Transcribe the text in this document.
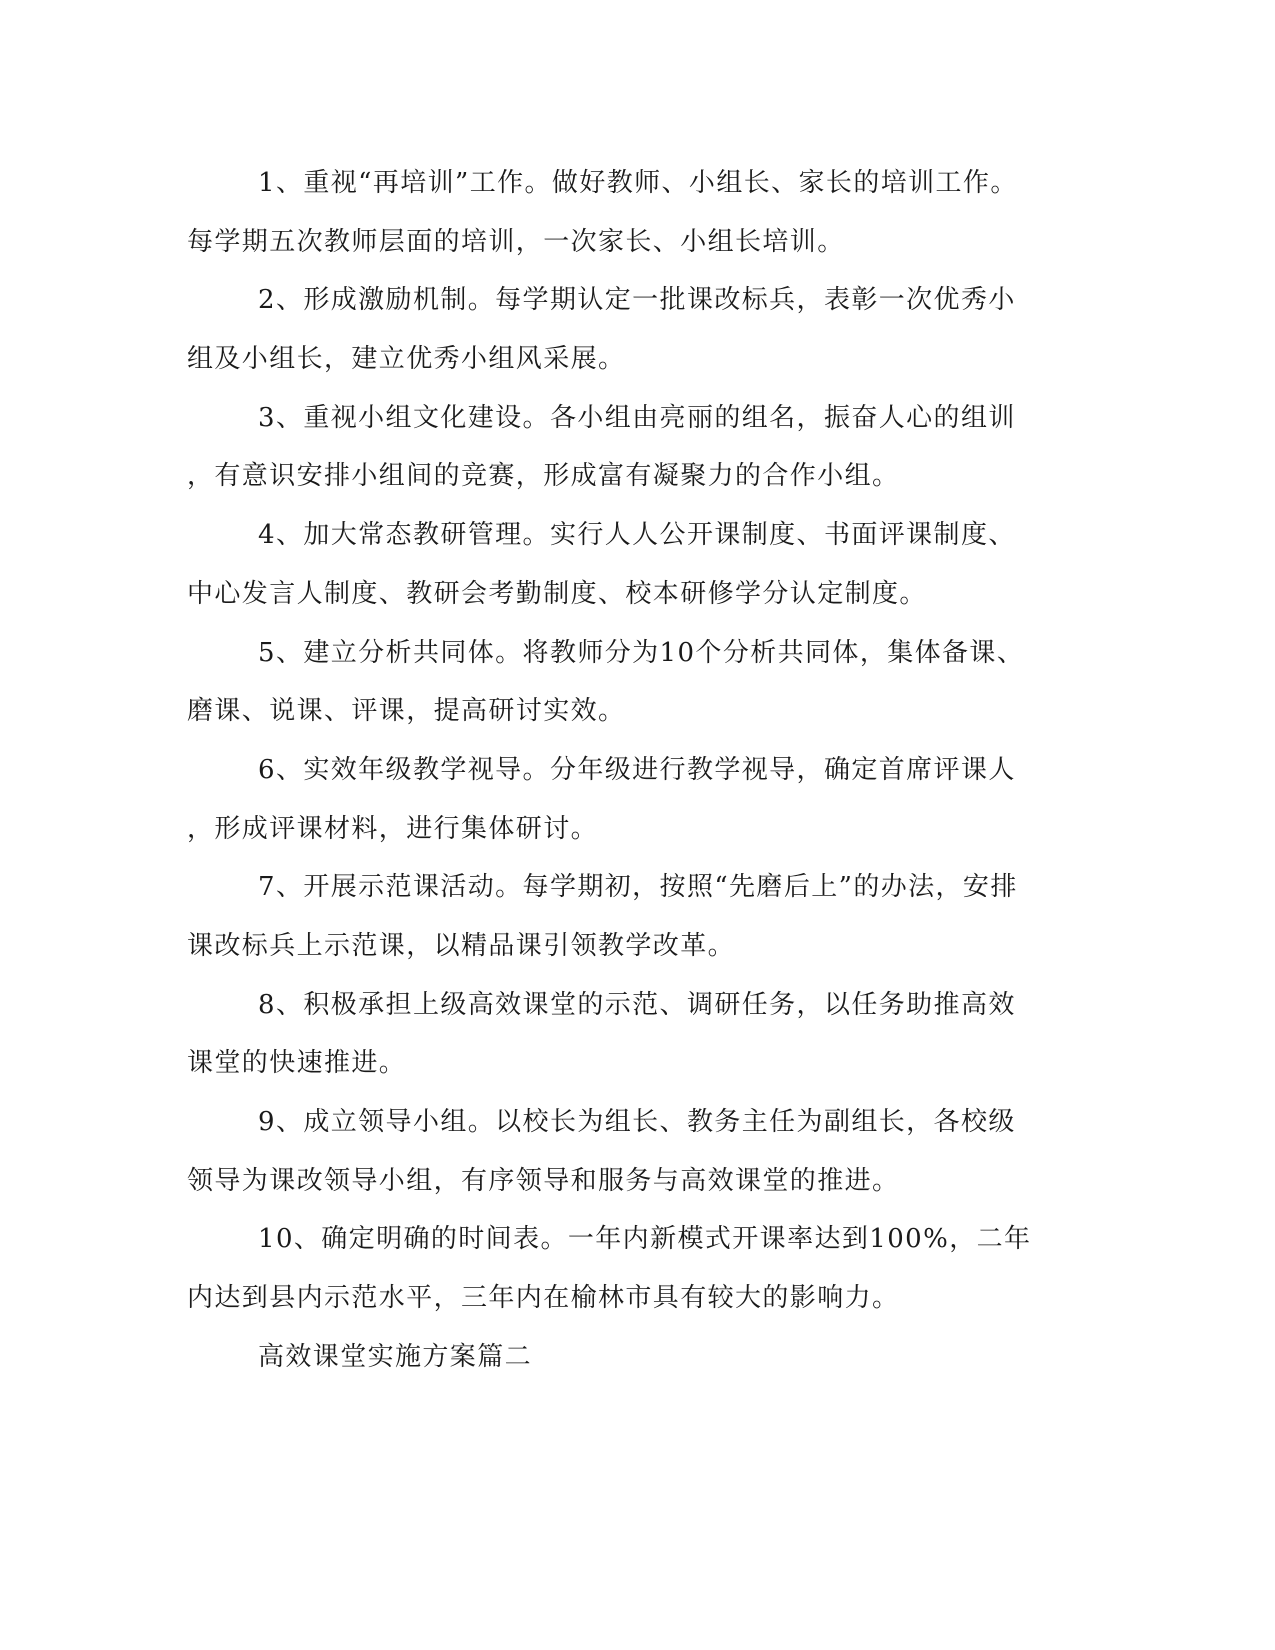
1、重视“再培训”工作。做好教师、小组长、家长的培训工作。
每学期五次教师层面的培训，一次家长、小组长培训。
2、形成激励机制。每学期认定一批课改标兵，表彰一次优秀小
组及小组长，建立优秀小组风采展。
3、重视小组文化建设。各小组由亮丽的组名，振奋人心的组训
，有意识安排小组间的竞赛，形成富有凝聚力的合作小组。
4、加大常态教研管理。实行人人公开课制度、书面评课制度、
中心发言人制度、教研会考勤制度、校本研修学分认定制度。
5、建立分析共同体。将教师分为10个分析共同体，集体备课、
磨课、说课、评课，提高研讨实效。
6、实效年级教学视导。分年级进行教学视导，确定首席评课人
，形成评课材料，进行集体研讨。
7、开展示范课活动。每学期初，按照“先磨后上”的办法，安排
课改标兵上示范课，以精品课引领教学改革。
8、积极承担上级高效课堂的示范、调研任务，以任务助推高效
课堂的快速推进。
9、成立领导小组。以校长为组长、教务主任为副组长，各校级
领导为课改领导小组，有序领导和服务与高效课堂的推进。
10、确定明确的时间表。一年内新模式开课率达到100%，二年
内达到县内示范水平，三年内在榆林市具有较大的影响力。
高效课堂实施方案篇二
